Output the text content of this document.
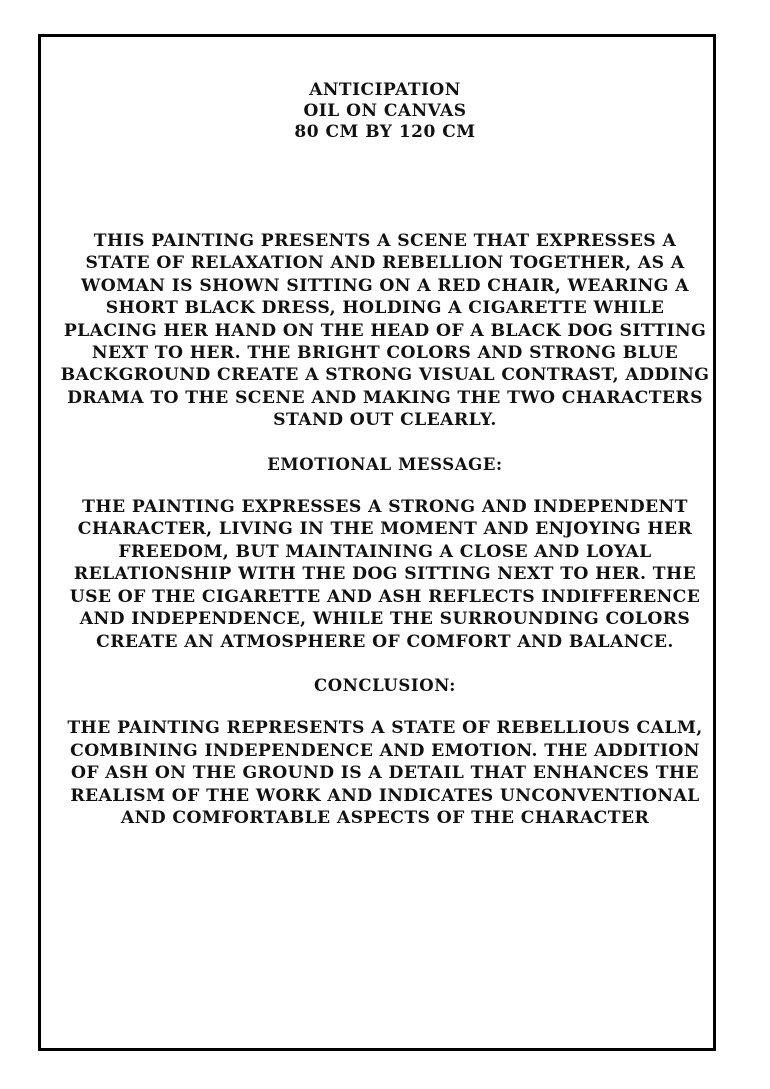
ANTICIPATION
OIL ON CANVAS
80 CM BY 120 CM

THIS PAINTING PRESENTS A SCENE THAT EXPRESSES A STATE OF RELAXATION AND REBELLION TOGETHER, AS A WOMAN IS SHOWN SITTING ON A RED CHAIR, WEARING A SHORT BLACK DRESS, HOLDING A CIGARETTE WHILE PLACING HER HAND ON THE HEAD OF A BLACK DOG SITTING NEXT TO HER. THE BRIGHT COLORS AND STRONG BLUE BACKGROUND CREATE A STRONG VISUAL CONTRAST, ADDING DRAMA TO THE SCENE AND MAKING THE TWO CHARACTERS STAND OUT CLEARLY.

EMOTIONAL MESSAGE:

THE PAINTING EXPRESSES A STRONG AND INDEPENDENT CHARACTER, LIVING IN THE MOMENT AND ENJOYING HER FREEDOM, BUT MAINTAINING A CLOSE AND LOYAL RELATIONSHIP WITH THE DOG SITTING NEXT TO HER. THE USE OF THE CIGARETTE AND ASH REFLECTS INDIFFERENCE AND INDEPENDENCE, WHILE THE SURROUNDING COLORS CREATE AN ATMOSPHERE OF COMFORT AND BALANCE.

CONCLUSION:

THE PAINTING REPRESENTS A STATE OF REBELLIOUS CALM, COMBINING INDEPENDENCE AND EMOTION. THE ADDITION OF ASH ON THE GROUND IS A DETAIL THAT ENHANCES THE REALISM OF THE WORK AND INDICATES UNCONVENTIONAL AND COMFORTABLE ASPECTS OF THE CHARACTER
